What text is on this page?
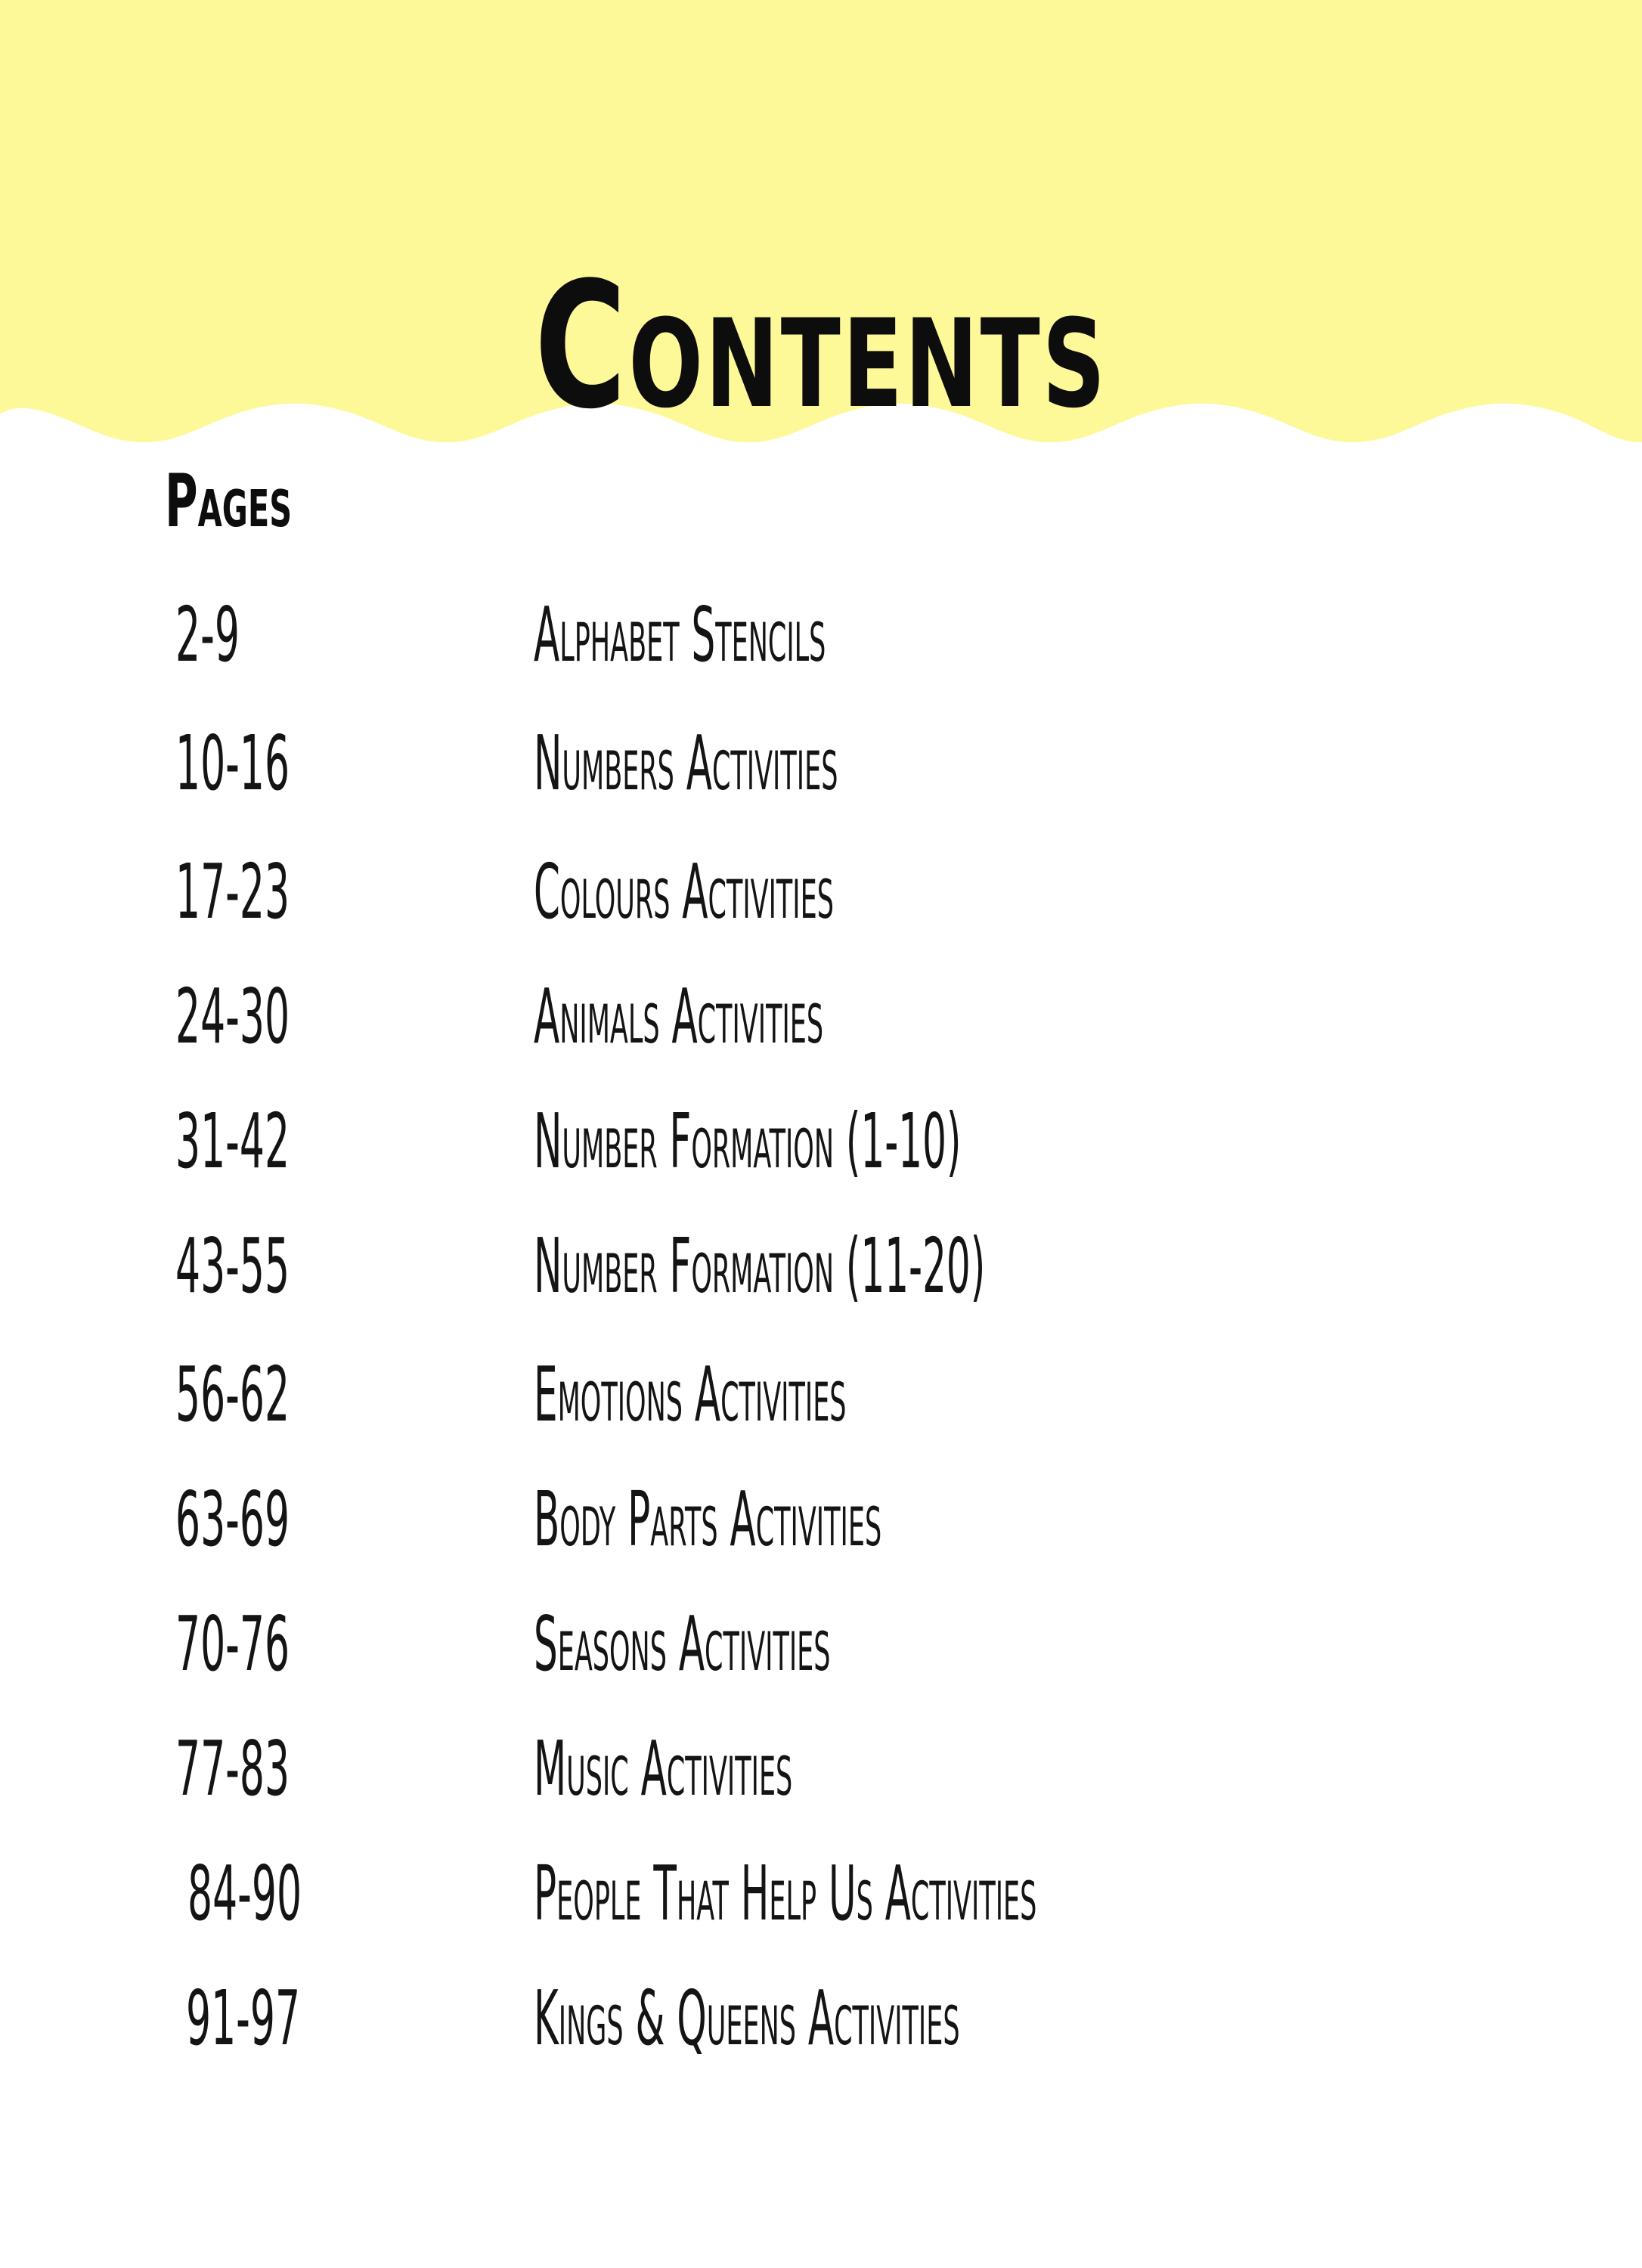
Contents
Pages
2-9	Alphabet Stencils
10-16	Numbers Activities
17-23	Colours Activities
24-30	Animals Activities
31-42	Number Formation (1-10)
43-55	Number Formation (11-20)
56-62	Emotions Activities
63-69	Body Parts Activities
70-76	Seasons Activities
77-83	Music Activities
84-90	People That Help Us Activities
91-97	Kings & Queens Activities
